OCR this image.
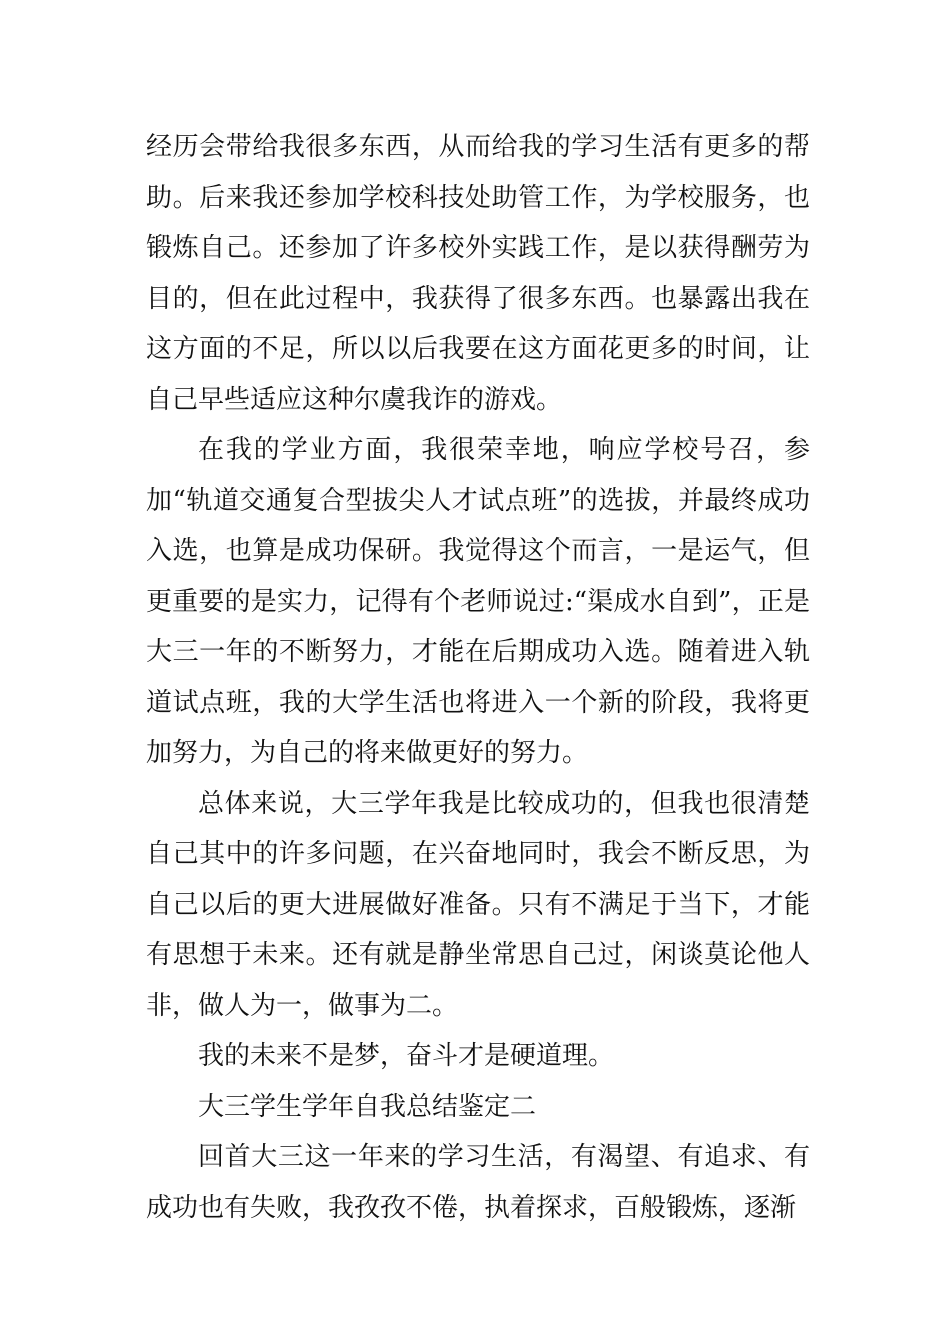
经历会带给我很多东西，从而给我的学习生活有更多的帮助。后来我还参加学校科技处助管工作，为学校服务，也锻炼自己。还参加了许多校外实践工作，是以获得酬劳为目的，但在此过程中，我获得了很多东西。也暴露出我在这方面的不足，所以以后我要在这方面花更多的时间，让自己早些适应这种尔虞我诈的游戏。

在我的学业方面，我很荣幸地，响应学校号召，参加“轨道交通复合型拔尖人才试点班”的选拔，并最终成功入选，也算是成功保研。我觉得这个而言，一是运气，但更重要的是实力，记得有个老师说过:“渠成水自到”，正是大三一年的不断努力，才能在后期成功入选。随着进入轨道试点班，我的大学生活也将进入一个新的阶段，我将更加努力，为自己的将来做更好的努力。

总体来说，大三学年我是比较成功的，但我也很清楚自己其中的许多问题，在兴奋地同时，我会不断反思，为自己以后的更大进展做好准备。只有不满足于当下，才能有思想于未来。还有就是静坐常思自己过，闲谈莫论他人非，做人为一，做事为二。

我的未来不是梦，奋斗才是硬道理。

大三学生学年自我总结鉴定二

回首大三这一年来的学习生活，有渴望、有追求、有成功也有失败，我孜孜不倦，执着探求，百般锻炼，逐渐
